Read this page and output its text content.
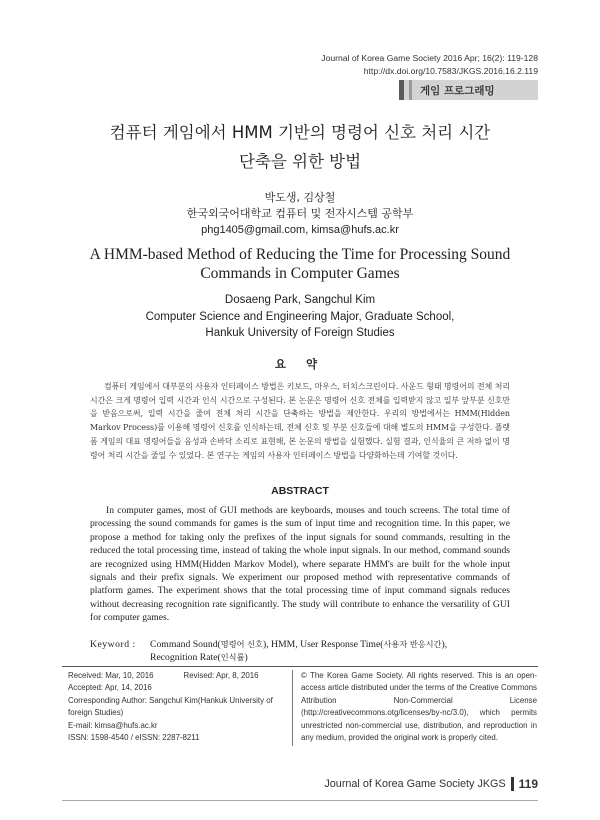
Journal of Korea Game Society 2016 Apr; 16(2): 119-128
http://dx.doi.org/10.7583/JKGS.2016.16.2.119
게임 프로그래밍
컴퓨터 게임에서 HMM 기반의 명령어 신호 처리 시간
단축을 위한 방법
박도생, 김상철
한국외국어대학교 컴퓨터 및 전자시스템 공학부
phg1405@gmail.com, kimsa@hufs.ac.kr
A HMM-based Method of Reducing the Time for Processing Sound
Commands in Computer Games
Dosaeng Park, Sangchul Kim
Computer Science and Engineering Major, Graduate School,
Hankuk University of Foreign Studies
요 약
컴퓨터 게임에서 대부분의 사용자 인터페이스 방법은 키보드, 마우스, 터치스크린이다. 사운드 형태 명령어의 전체 처리 시간은 크게 명령어 입력 시간과 인식 시간으로 구성된다. 본 논문은 명령어 신호 전체를 입력받지 않고 일부 앞부분 신호만을 받음으로써, 입력 시간을 줄여 전체 처리 시간을 단축하는 방법을 제안한다. 우리의 방법에서는 HMM(Hidden Markov Process)를 이용해 명령어 신호를 인식하는데, 전체 신호 및 부분 신호들에 대해 별도의 HMM을 구성한다. 플랫폼 게임의 대표 명령어들을 음성과 손바닥 소리로 표현해, 본 논문의 방법을 실험했다. 실험 결과, 인식율의 큰 저하 없이 명령어 처리 시간을 줄일 수 있었다. 본 연구는 게임의 사용자 인터페이스 방법을 다양화하는데 기여할 것이다.
ABSTRACT
In computer games, most of GUI methods are keyboards, mouses and touch screens. The total time of processing the sound commands for games is the sum of input time and recognition time. In this paper, we propose a method for taking only the prefixes of the input signals for sound commands, resulting in the reduced the total processing time, instead of taking the whole input signals. In our method, command sounds are recognized using HMM(Hidden Markov Model), where separate HMM's are built for the whole input signals and their prefix signals. We experiment our proposed method with representative commands of platform games. The experiment shows that the total processing time of input command signals reduces without decreasing recognition rate significantly. The study will contribute to enhance the versatility of GUI for computer games.
Keyword : Command Sound(명령어 신호), HMM, User Response Time(사용자 반응시간),
Recognition Rate(인식률)
Received: Mar, 10, 2016	Revised: Apr, 8, 2016
Accepted: Apr, 14, 2016
Corresponding Author: Sangchul Kim(Hankuk University of foreign Studies)
E-mail: kimsa@hufs.ac.kr
ISSN: 1598-4540 / eISSN: 2287-8211
© The Korea Game Society. All rights reserved. This is an open-access article distributed under the terms of the Creative Commons Attribution Non-Commercial License (http://creativecommons.otg/licenses/by-nc/3.0), which permits unrestricted non-commercial use, distribution, and reproduction in any medium, provided the original work is properly cited.
Journal of Korea Game Society JKGS 119
